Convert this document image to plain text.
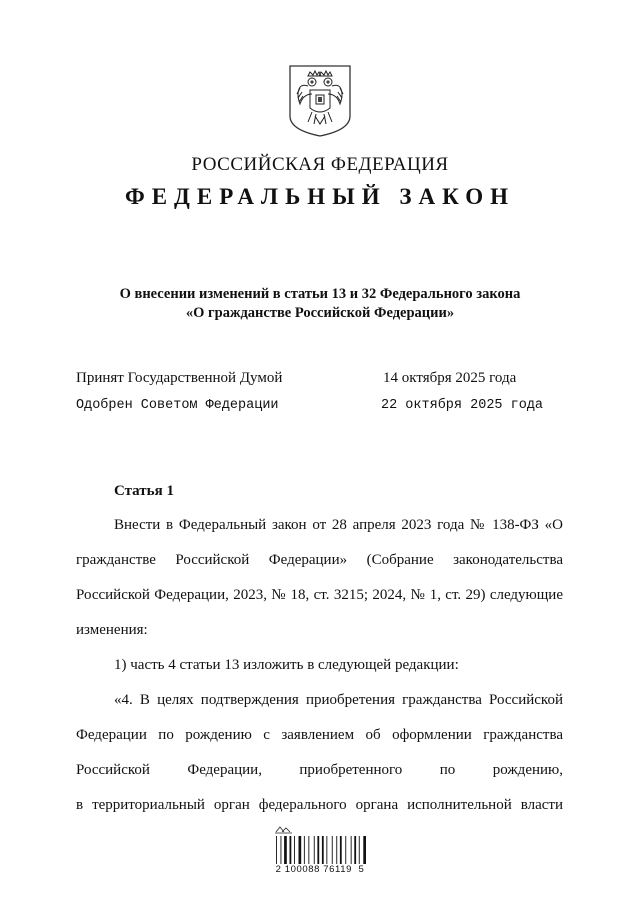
РОССИЙСКАЯ ФЕДЕРАЦИЯ
ФЕДЕРАЛЬНЫЙ ЗАКОН
О внесении изменений в статьи 13 и 32 Федерального закона
«О гражданстве Российской Федерации»
Принят Государственной Думой	14 октября 2025 года
Одобрен Советом Федерации	22 октября 2025 года
Статья 1

Внести в Федеральный закон от 28 апреля 2023 года № 138-ФЗ «О гражданстве Российской Федерации» (Собрание законодательства Российской Федерации, 2023, № 18, ст. 3215; 2024, № 1, ст. 29) следующие изменения:

1) часть 4 статьи 13 изложить в следующей редакции:

«4. В целях подтверждения приобретения гражданства Российской

Федерации по рождению с заявлением об оформлении гражданства

Российской Федерации, приобретенного по рождению,

в территориальный орган федерального органа исполнительной власти

2 100088 76119  5
